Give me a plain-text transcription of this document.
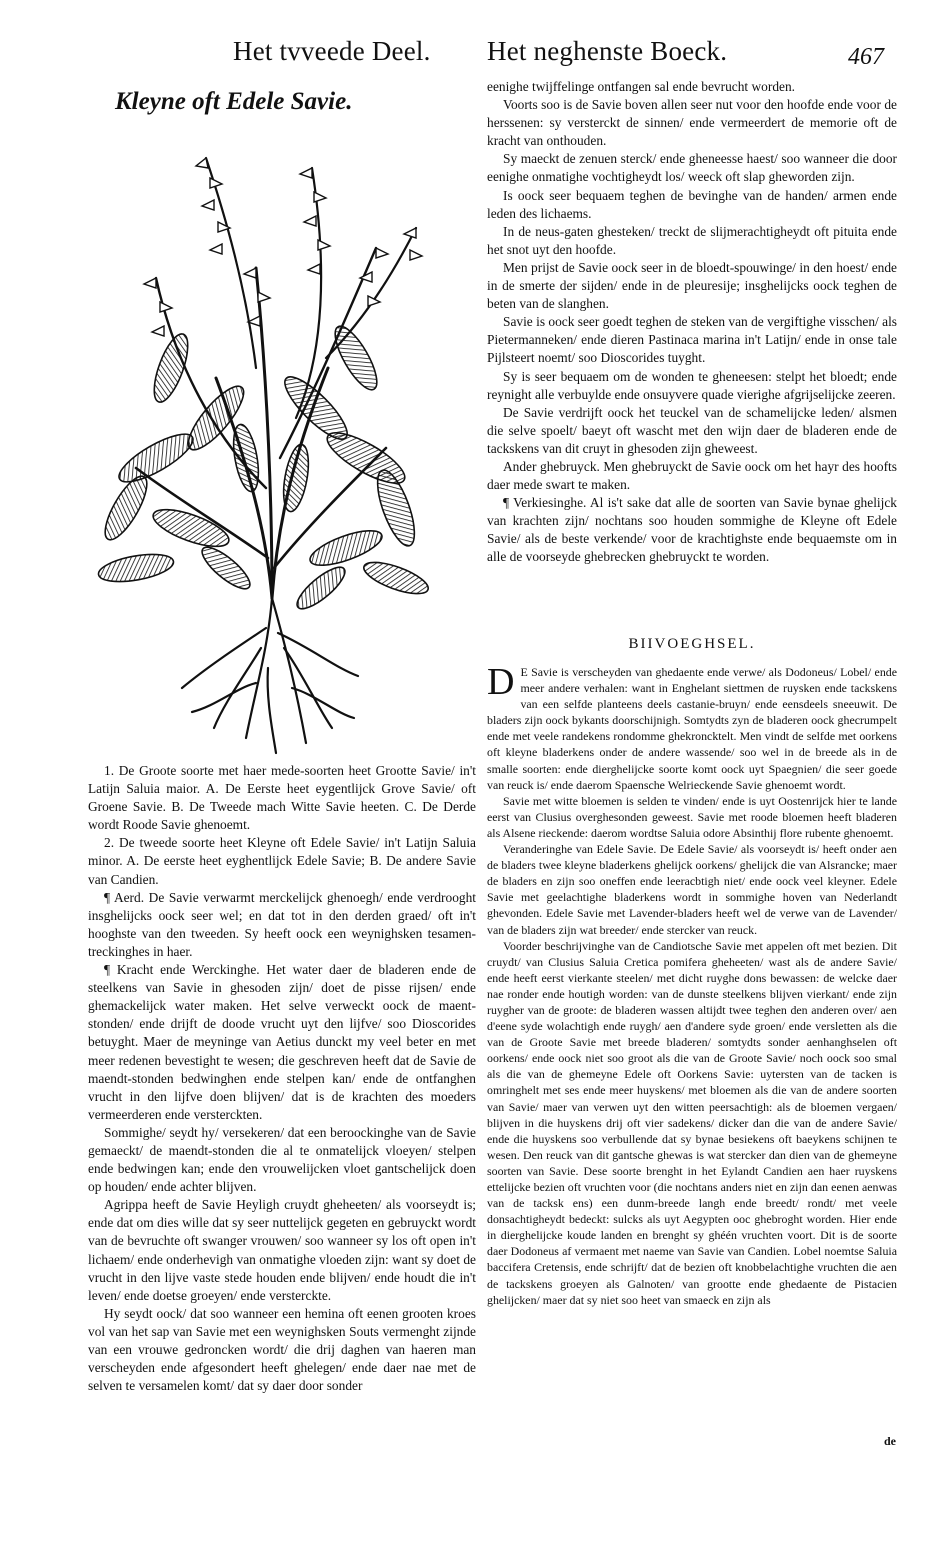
Het tvveede Deel. Het neghenste Boeck.	467
Kleyne oft Edele Savie.

1. De Groote soorte met haer mede-soorten heet Grootte Savie/ in't Latijn Saluia maior. A. De Eerste heet eygentlijck Grove Savie/ oft Groene Savie. B. De Tweede mach Witte Savie heeten. C. De Derde wordt Roode Savie ghenoemt.

2. De tweede soorte heet Kleyne oft Edele Savie/ in't Latijn Saluia minor. A. De eerste heet eyghentlijck Edele Savie; B. De andere Savie van Candien.

¶ Aerd. De Savie verwarmt merckelijck ghenoegh/ ende verdrooght insghelijcks oock seer wel; en dat tot in den derden graed/ oft in't hooghste van den tweeden. Sy heeft oock een weynighsken tesamen-treckinghes in haer.

¶ Kracht ende Werckinghe. Het water daer de bladeren ende de steelkens van Savie in ghesoden zijn/ doet de pisse rijsen/ ende ghemackelijck water maken. Het selve verweckt oock de maent-stonden/ ende drijft de doode vrucht uyt den lijfve/ soo Dioscorides betuyght. Maer de meyninge van Aetius dunckt my veel beter en met meer redenen bevestight te wesen; die geschreven heeft dat de Savie de maendt-stonden bedwinghen ende stelpen kan/ ende de ontfanghen vrucht in den lijfve doen blijven/ dat is de krachten des moeders vermeerderen ende versterckten.

Sommighe/ seydt hy/ versekeren/ dat een beroockinghe van de Savie gemaeckt/ de maendt-stonden die al te onmatelijck vloeyen/ stelpen ende bedwingen kan; ende den vrouwelijcken vloet gantschelijck doen op houden/ ende achter blijven.

Agrippa heeft de Savie Heyligh cruydt gheheeten/ als voorseydt is; ende dat om dies wille dat sy seer nuttelijck gegeten en gebruyckt wordt van de bevruchte oft swanger vrouwen/ soo wanneer sy los oft open in't lichaem/ ende onderhevigh van onmatighe vloeden zijn: want sy doet de vrucht in den lijve vaste stede houden ende blijven/ ende houdt die in't leven/ ende doetse groeyen/ ende versterckte.

Hy seydt oock/ dat soo wanneer een hemina oft eenen grooten kroes vol van het sap van Savie met een weynighsken Souts vermenght zijnde van een vrouwe gedroncken wordt/ die drij daghen van haeren man verscheyden ende afgesondert heeft ghelegen/ ende daer nae met de selven te versamelen komt/ dat sy daer door sonder

eenighe twijffelinge ontfangen sal ende bevrucht worden.

Voorts soo is de Savie boven allen seer nut voor den hoofde ende voor de herssenen: sy versterckt de sinnen/ ende vermeerdert de memorie oft de kracht van onthouden.

Sy maeckt de zenuen sterck/ ende gheneesse haest/ soo wanneer die door eenighe onmatighe vochtigheydt los/ weeck oft slap gheworden zijn.

Is oock seer bequaem teghen de bevinghe van de handen/ armen ende leden des lichaems.

In de neus-gaten ghesteken/ treckt de slijmerachtigheydt oft pituita ende het snot uyt den hoofde.

Men prijst de Savie oock seer in de bloedt-spouwinge/ in den hoest/ ende in de smerte der sijden/ ende in de pleuresije; insghelijcks oock teghen de beten van de slanghen.

Savie is oock seer goedt teghen de steken van de vergiftighe visschen/ als Pietermanneken/ ende dieren Pastinaca marina in't Latijn/ ende in onse tale Pijlsteert noemt/ soo Dioscorides tuyght.

Sy is seer bequaem om de wonden te gheneesen: stelpt het bloedt; ende reynight alle verbuylde ende onsuyvere quade vierighe afgrijselijcke zeeren.

De Savie verdrijft oock het teuckel van de schamelijcke leden/ alsmen die selve spoelt/ baeyt oft wascht met den wijn daer de bladeren ende de tackskens van dit cruyt in ghesoden zijn gheweest.

Ander ghebruyck. Men ghebruyckt de Savie oock om het hayr des hoofts daer mede swart te maken.

¶ Verkiesinghe. Al is't sake dat alle de soorten van Savie bynae ghelijck van krachten zijn/ nochtans soo houden sommighe de Kleyne oft Edele Savie/ als de beste verkende/ voor de krachtighste ende bequaemste om in alle de voorseyde ghebrecken ghebruyckt te worden.

BIIVOEGHSEL.

D E Savie is verscheyden van ghedaente ende verwe/ als Dodoneus/ Lobel/ ende meer andere verhalen: want in Enghelant siettmen de ruysken ende tackskens van een selfde planteens deels castanie-bruyn/ ende eensdeels sneeuwit. De bladers zijn oock bykants doorschijnigh. Somtydts zyn de bladeren oock ghecrumpelt ende met veele randekens rondomme ghekroncktelt. Men vindt de selfde met oorkens oft kleyne bladerkens onder de andere wassende/ soo wel in de breede als in de smalle soorten: ende dierghelijcke soorte komt oock uyt Spaegnien/ die seer goede van reuck is/ ende daerom Spaensche Welrieckende Savie ghenoemt wordt.

Savie met witte bloemen is selden te vinden/ ende is uyt Oostenrijck hier te lande eerst van Clusius overghesonden geweest. Savie met roode bloemen heeft bladeren als Alsene rieckende: daerom wordtse Saluia odore Absinthij flore rubente ghenoemt.

Veranderinghe van Edele Savie. De Edele Savie/ als voorseydt is/ heeft onder aen de bladers twee kleyne bladerkens ghelijck oorkens/ ghelijck die van Alsrancke; maer de bladers en zijn soo oneffen ende leeracbtigh niet/ ende oock veel kleyner. Edele Savie met geelachtighe bladerkens wordt in sommighe hoven van Nederlandt ghevonden. Edele Savie met Lavender-bladers heeft wel de verwe van de Lavender/ van de bladers zijn wat breeder/ ende stercker van reuck.

Voorder beschrijvinghe van de Candiotsche Savie met appelen oft met bezien. Dit cruydt/ van Clusius Saluia Cretica pomifera gheheeten/ wast als de andere Savie/ ende heeft eerst vierkante steelen/ met dicht ruyghe dons bewassen: de welcke daer nae ronder ende houtigh worden: van de dunste steelkens blijven vierkant/ ende zijn ruygher van de groote: de bladeren wassen altijdt twee teghen den anderen over/ aen d'eene syde wolachtigh ende ruygh/ aen d'andere syde groen/ ende versletten als die van de Groote Savie met breede bladeren/ somtydts sonder aenhanghselen oft oorkens/ ende oock niet soo groot als die van de Groote Savie/ noch oock soo smal als die van de ghemeyne Edele oft Oorkens Savie: uytersten van de tacken is omringhelt met ses ende meer huyskens/ met bloemen als die van de andere soorten van Savie/ maer van verwen uyt den witten peersachtigh: als de bloemen vergaen/ blijven in die huyskens drij oft vier sadekens/ dicker dan die van de andere Savie/ ende die huyskens soo verbullende dat sy bynae besiekens oft baeykens schijnen te wesen. Den reuck van dit gantsche ghewas is wat stercker dan dien van de ghemeyne soorten van Savie. Dese soorte brenght in het Eylandt Candien aen haer ruyskens ettelijcke bezien oft vruchten voor (die nochtans anders niet en zijn dan eenen aenwas van de tacksk ens) een dunm-breede langh ende breedt/ rondt/ met veele donsachtigheydt bedeckt: sulcks als uyt Aegypten ooc ghebroght worden. Hier ende in dierghelijcke koude landen en brenght sy ghéén vruchten voort. Dit is de soorte daer Dodoneus af vermaent met naeme van Savie van Candien. Lobel noemtse Saluia baccifera Cretensis, ende schrijft/ dat de bezien oft knobbelachtighe vruchten die aen de tackskens groeyen als Galnoten/ van grootte ende ghedaente de Pistacien ghelijcken/ maer dat sy niet soo heet van smaeck en zijn als

de
